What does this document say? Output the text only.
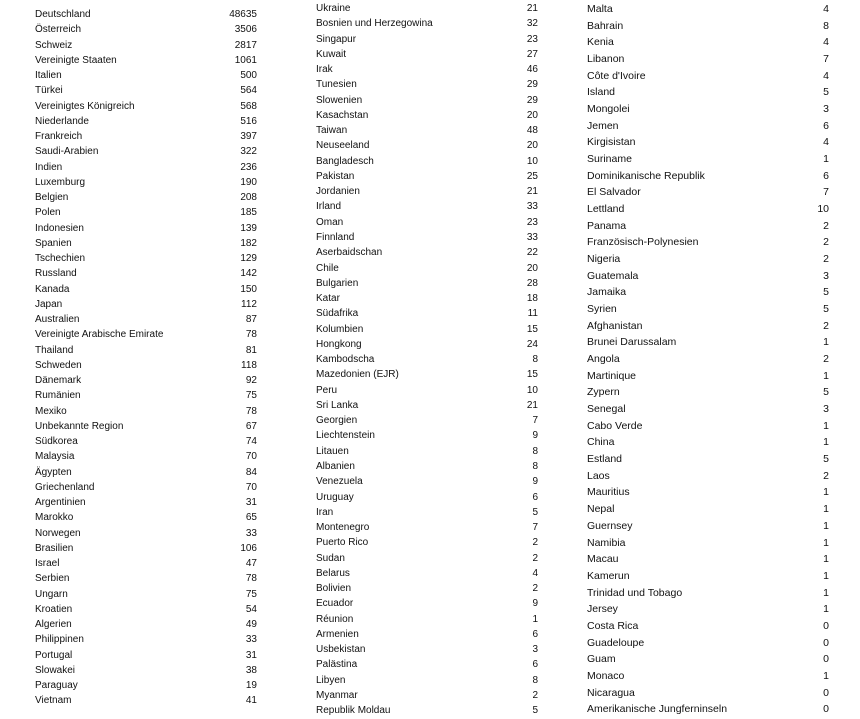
Deutschland	48635
Österreich	3506
Schweiz	2817
Vereinigte Staaten	1061
Italien	500
Türkei	564
Vereinigtes Königreich	568
Niederlande	516
Frankreich	397
Saudi-Arabien	322
Indien	236
Luxemburg	190
Belgien	208
Polen	185
Indonesien	139
Spanien	182
Tschechien	129
Russland	142
Kanada	150
Japan	112
Australien	87
Vereinigte Arabische Emirate	78
Thailand	81
Schweden	118
Dänemark	92
Rumänien	75
Mexiko	78
Unbekannte Region	67
Südkorea	74
Malaysia	70
Ägypten	84
Griechenland	70
Argentinien	31
Marokko	65
Norwegen	33
Brasilien	106
Israel	47
Serbien	78
Ungarn	75
Kroatien	54
Algerien	49
Philippinen	33
Portugal	31
Slowakei	38
Paraguay	19
Vietnam	41
Ukraine	21
Bosnien und Herzegowina	32
Singapur	23
Kuwait	27
Irak	46
Tunesien	29
Slowenien	29
Kasachstan	20
Taiwan	48
Neuseeland	20
Bangladesch	10
Pakistan	25
Jordanien	21
Irland	33
Oman	23
Finnland	33
Aserbaidschan	22
Chile	20
Bulgarien	28
Katar	18
Südafrika	11
Kolumbien	15
Hongkong	24
Kambodscha	8
Mazedonien (EJR)	15
Peru	10
Sri Lanka	21
Georgien	7
Liechtenstein	9
Litauen	8
Albanien	8
Venezuela	9
Uruguay	6
Iran	5
Montenegro	7
Puerto Rico	2
Sudan	2
Belarus	4
Bolivien	2
Ecuador	9
Réunion	1
Armenien	6
Usbekistan	3
Palästina	6
Libyen	8
Myanmar	2
Republik Moldau	5
Malta	4
Bahrain	8
Kenia	4
Libanon	7
Côte d'Ivoire	4
Island	5
Mongolei	3
Jemen	6
Kirgisistan	4
Suriname	1
Dominikanische Republik	6
El Salvador	7
Lettland	10
Panama	2
Französisch-Polynesien	2
Nigeria	2
Guatemala	3
Jamaika	5
Syrien	5
Afghanistan	2
Brunei Darussalam	1
Angola	2
Martinique	1
Zypern	5
Senegal	3
Cabo Verde	1
China	1
Estland	5
Laos	2
Mauritius	1
Nepal	1
Guernsey	1
Namibia	1
Macau	1
Kamerun	1
Trinidad und Tobago	1
Jersey	1
Costa Rica	0
Guadeloupe	0
Guam	0
Monaco	1
Nicaragua	0
Amerikanische Jungferninseln	0
